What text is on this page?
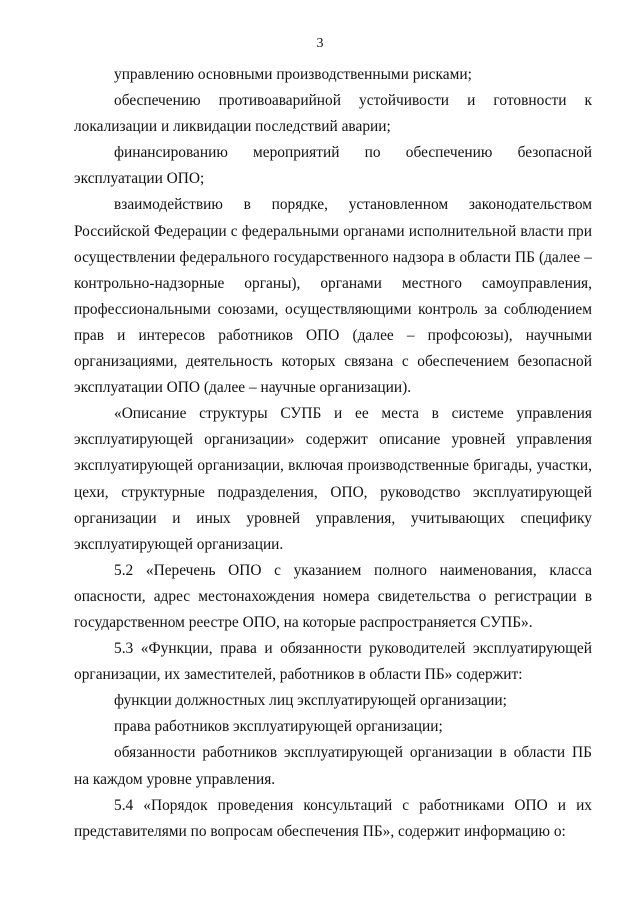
3

управлению основными производственными рисками;

обеспечению противоаварийной устойчивости и готовности к локализации и ликвидации последствий аварии;

финансированию мероприятий по обеспечению безопасной эксплуатации ОПО;

взаимодействию в порядке, установленном законодательством Российской Федерации с федеральными органами исполнительной власти при осуществлении федерального государственного надзора в области ПБ (далее – контрольно-надзорные органы), органами местного самоуправления, профессиональными союзами, осуществляющими контроль за соблюдением прав и интересов работников ОПО (далее – профсоюзы), научными организациями, деятельность которых связана с обеспечением безопасной эксплуатации ОПО (далее – научные организации).

«Описание структуры СУПБ и ее места в системе управления эксплуатирующей организации» содержит описание уровней управления эксплуатирующей организации, включая производственные бригады, участки, цехи, структурные подразделения, ОПО, руководство эксплуатирующей организации и иных уровней управления, учитывающих специфику эксплуатирующей организации.

5.2 «Перечень ОПО с указанием полного наименования, класса опасности, адрес местонахождения номера свидетельства о регистрации в государственном реестре ОПО, на которые распространяется СУПБ».

5.3 «Функции, права и обязанности руководителей эксплуатирующей организации, их заместителей, работников в области ПБ» содержит:

функции должностных лиц эксплуатирующей организации;

права работников эксплуатирующей организации;

обязанности работников эксплуатирующей организации в области ПБ на каждом уровне управления.

5.4 «Порядок проведения консультаций с работниками ОПО и их представителями по вопросам обеспечения ПБ», содержит информацию о:
